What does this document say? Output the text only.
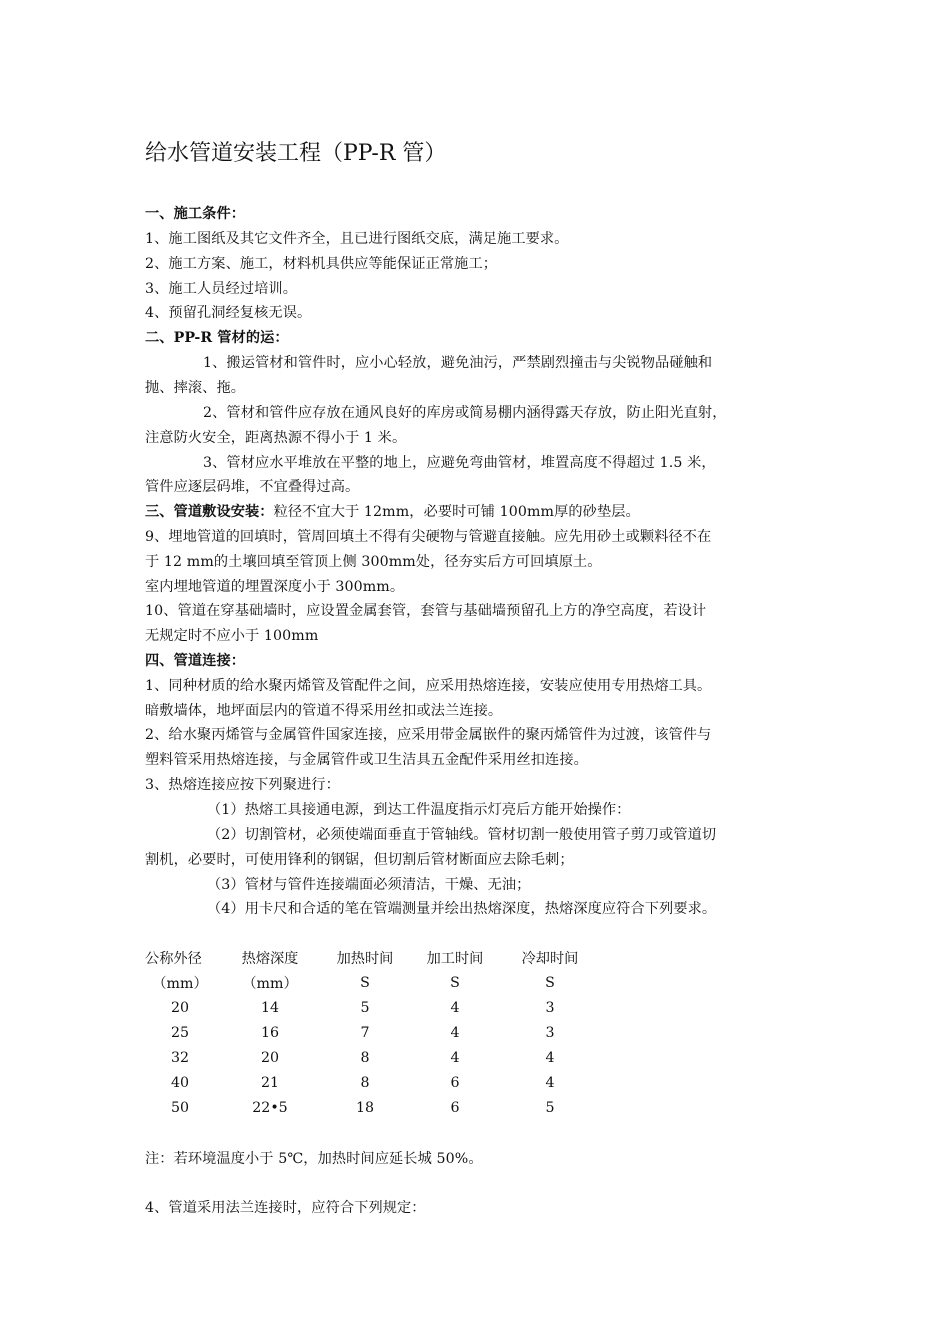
给水管道安装工程（PP-R 管）
一、施工条件：
1、施工图纸及其它文件齐全，且已进行图纸交底，满足施工要求。
2、施工方案、施工，材料机具供应等能保证正常施工；
3、施工人员经过培训。
4、预留孔洞经复核无误。
二、PP-R 管材的运：
1、搬运管材和管件时，应小心轻放，避免油污，严禁剧烈撞击与尖锐物品碰触和
抛、摔滚、拖。
2、管材和管件应存放在通风良好的库房或简易棚内涵得露天存放，防止阳光直射，
注意防火安全，距离热源不得小于 1 米。
3、管材应水平堆放在平整的地上，应避免弯曲管材，堆置高度不得超过 1.5 米，
管件应逐层码堆，不宜叠得过高。
三、管道敷设安装：粒径不宜大于 12mm，必要时可铺 100mm厚的砂垫层。
9、埋地管道的回填时，管周回填土不得有尖硬物与管避直接触。应先用砂土或颗料径不在
于 12 mm的土壤回填至管顶上侧 300mm处，径夯实后方可回填原土。
室内埋地管道的埋置深度小于 300mm。
10、管道在穿基础墙时，应设置金属套管，套管与基础墙预留孔上方的净空高度，若设计
无规定时不应小于 100mm
四、管道连接：
1、同种材质的给水聚丙烯管及管配件之间，应采用热熔连接，安装应使用专用热熔工具。
暗敷墙体，地坪面层内的管道不得采用丝扣或法兰连接。
2、给水聚丙烯管与金属管件国家连接，应采用带金属嵌件的聚丙烯管件为过渡，该管件与
塑料管采用热熔连接，与金属管件或卫生洁具五金配件采用丝扣连接。
3、热熔连接应按下列聚进行：
（1）热熔工具接通电源，到达工件温度指示灯亮后方能开始操作：
（2）切割管材，必须使端面垂直于管轴线。管材切割一般使用管子剪刀或管道切
割机，必要时，可使用锋利的钢锯，但切割后管材断面应去除毛刺；
（3）管材与管件连接端面必须清洁，干燥、无油；
（4）用卡尺和合适的笔在管端测量并绘出热熔深度，热熔深度应符合下列要求。
公称外径	热熔深度	加热时间	加工时间	冷却时间
（mm）	（mm）	S	S	S
20	14	5	4	3
25	16	7	4	3
32	20	8	4	4
40	21	8	6	4
50	22•5	18	6	5
注：若环境温度小于 5℃，加热时间应延长城 50%。
4、管道采用法兰连接时，应符合下列规定：
